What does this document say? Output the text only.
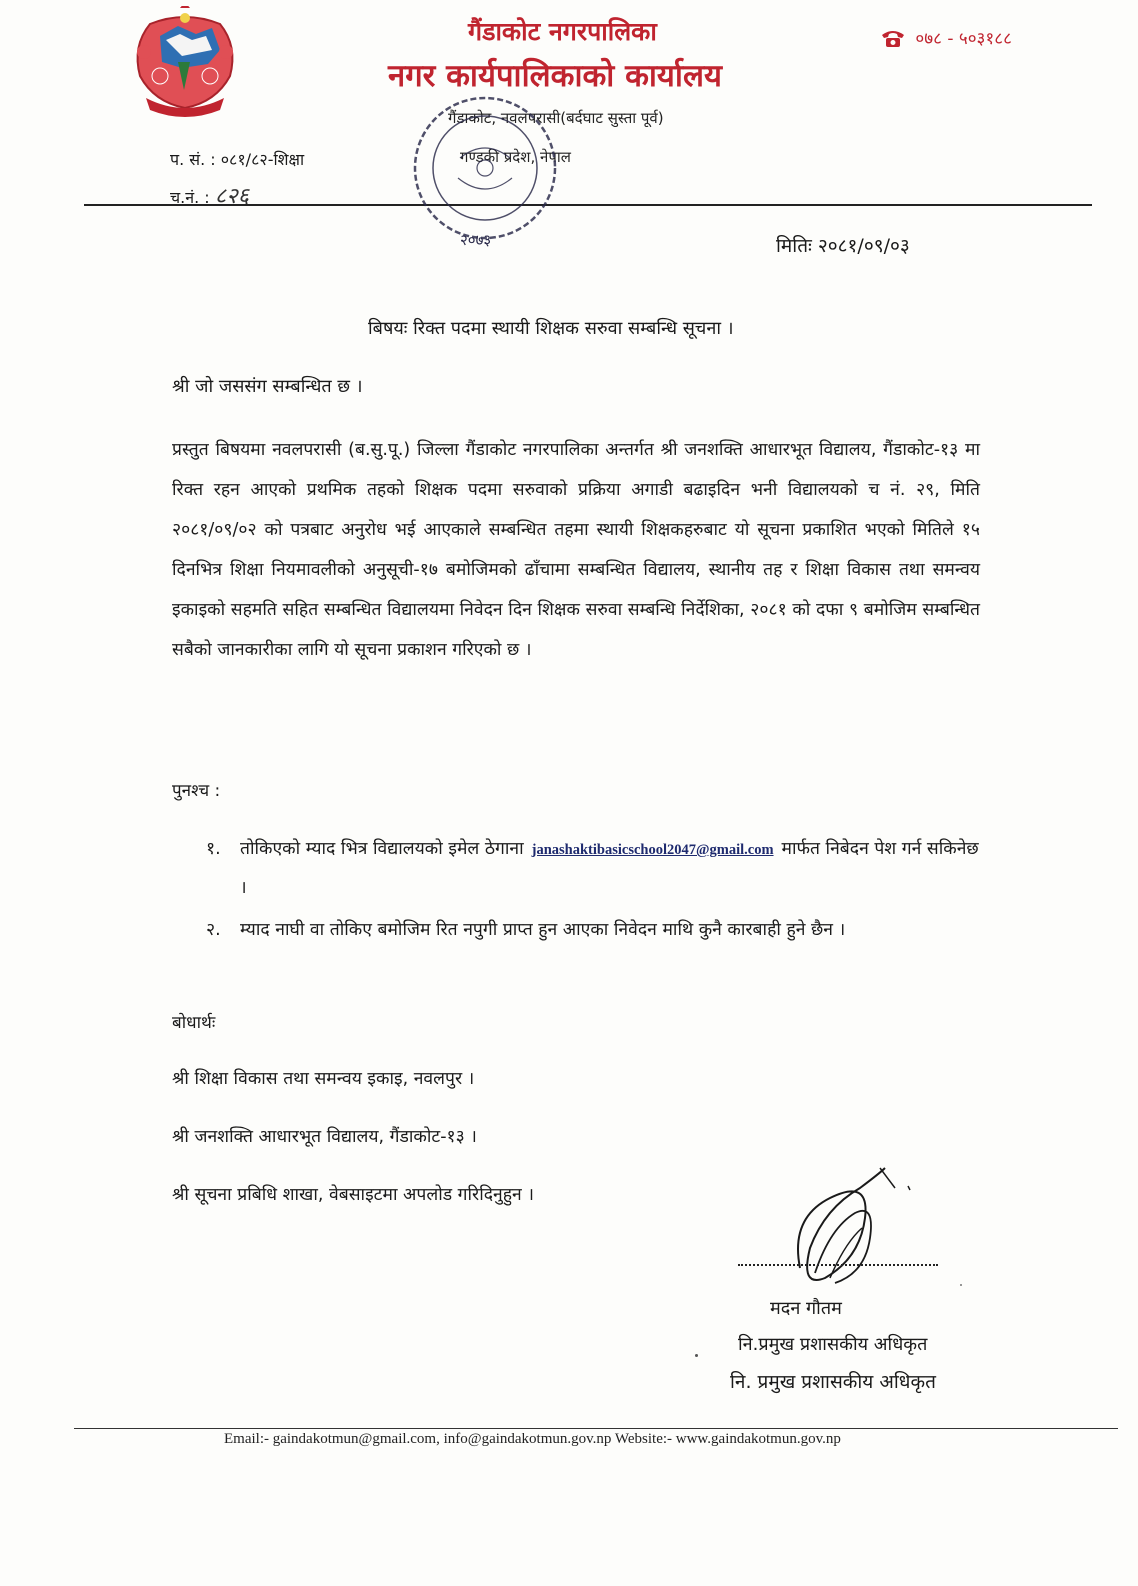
गैंडाकोट नगरपालिका
नगर कार्यपालिकाको कार्यालय
गैंडाकोट, नवलपरासी(बर्दघाट सुस्ता पूर्व)
गण्डकी प्रदेश, नेपाल
०७८ - ५०३१८८
प. सं. : ०८१/८२-शिक्षा
च.नं. : ८२६
२०७३	मितिः २०८१/०९/०३
बिषयः रिक्त पदमा स्थायी शिक्षक सरुवा सम्बन्धि सूचना ।
श्री जो जससंग सम्बन्धित छ ।
प्रस्तुत बिषयमा नवलपरासी (ब.सु.पू.) जिल्ला गैंडाकोट नगरपालिका अन्तर्गत श्री जनशक्ति आधारभूत विद्यालय, गैंडाकोट-१३ मा रिक्त रहन आएको प्रथमिक तहको शिक्षक पदमा सरुवाको प्रक्रिया अगाडी बढाइदिन भनी विद्यालयको च नं. २९, मिति २०८१/०९/०२ को पत्रबाट अनुरोध भई आएकाले सम्बन्धित तहमा स्थायी शिक्षकहरुबाट यो सूचना प्रकाशित भएको मितिले १५ दिनभित्र शिक्षा नियमावलीको अनुसूची-१७ बमोजिमको ढाँचामा सम्बन्धित विद्यालय, स्थानीय तह र शिक्षा विकास तथा समन्वय इकाइको सहमति सहित सम्बन्धित विद्यालयमा निवेदन दिन शिक्षक सरुवा सम्बन्धि निर्देशिका, २०८१ को दफा ९ बमोजिम सम्बन्धित सबैको जानकारीका लागि यो सूचना प्रकाशन गरिएको छ ।
पुनश्च :
१. तोकिएको म्याद भित्र विद्यालयको इमेल ठेगाना janashaktibasicschool2047@gmail.com मार्फत निबेदन पेश गर्न सकिनेछ ।
२. म्याद नाघी वा तोकिए बमोजिम रित नपुगी प्राप्त हुन आएका निवेदन माथि कुनै कारबाही हुने छैन ।
बोधार्थः
श्री शिक्षा विकास तथा समन्वय इकाइ, नवलपुर ।
श्री जनशक्ति आधारभूत विद्यालय, गैंडाकोट-१३ ।
श्री सूचना प्रबिधि शाखा, वेबसाइटमा अपलोड गरिदिनुहुन ।
मदन गौतम
नि.प्रमुख प्रशासकीय अधिकृत
नि. प्रमुख प्रशासकीय अधिकृत
Email:- gaindakotmun@gmail.com, info@gaindakotmun.gov.np Website:- www.gaindakotmun.gov.np
